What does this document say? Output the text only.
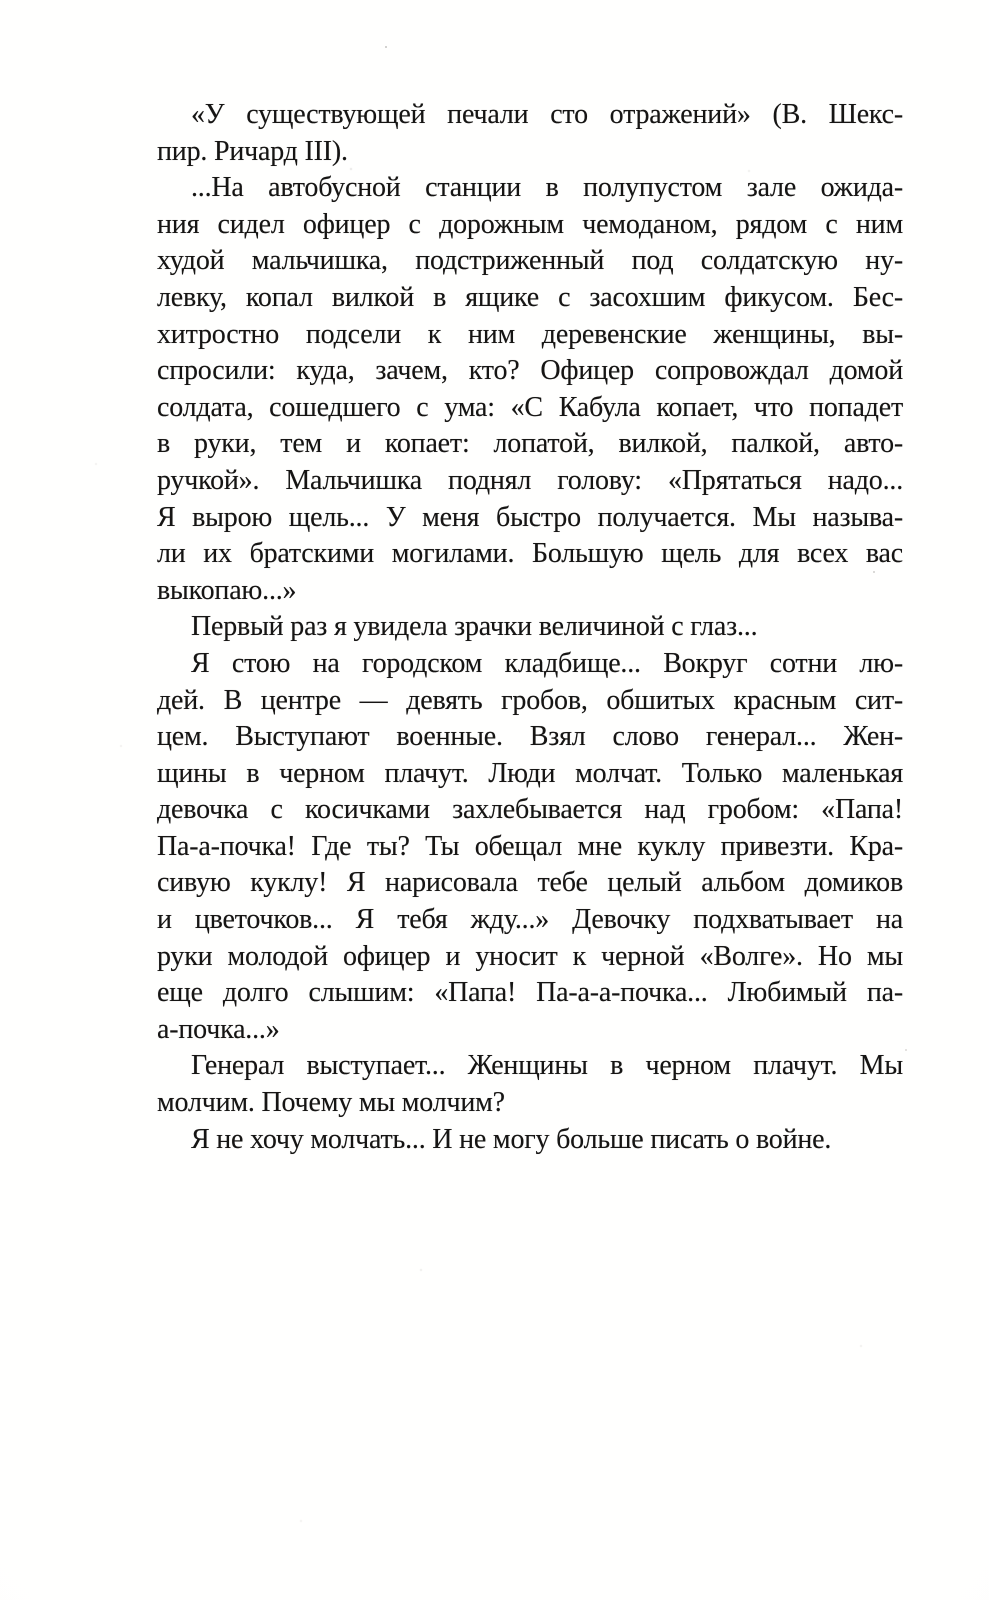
«У существующей печали сто отражений» (В. Шекс-
пир. Ричард III).
...На автобусной станции в полупустом зале ожида-
ния сидел офицер с дорожным чемоданом, рядом с ним
худой мальчишка, подстриженный под солдатскую ну-
левку, копал вилкой в ящике с засохшим фикусом. Бес-
хитростно подсели к ним деревенские женщины, вы-
спросили: куда, зачем, кто? Офицер сопровождал домой
солдата, сошедшего с ума: «С Кабула копает, что попадет
в руки, тем и копает: лопатой, вилкой, палкой, авто-
ручкой». Мальчишка поднял голову: «Прятаться надо...
Я вырою щель... У меня быстро получается. Мы называ-
ли их братскими могилами. Большую щель для всех вас
выкопаю...»
Первый раз я увидела зрачки величиной с глаз...
Я стою на городском кладбище... Вокруг сотни лю-
дей. В центре — девять гробов, обшитых красным сит-
цем. Выступают военные. Взял слово генерал... Жен-
щины в черном плачут. Люди молчат. Только маленькая
девочка с косичками захлебывается над гробом: «Папа!
Па-а-почка! Где ты? Ты обещал мне куклу привезти. Кра-
сивую куклу! Я нарисовала тебе целый альбом домиков
и цветочков... Я тебя жду...» Девочку подхватывает на
руки молодой офицер и уносит к черной «Волге». Но мы
еще долго слышим: «Папа! Па-а-а-почка... Любимый па-
а-почка...»
Генерал выступает... Женщины в черном плачут. Мы
молчим. Почему мы молчим?
Я не хочу молчать... И не могу больше писать о войне.
